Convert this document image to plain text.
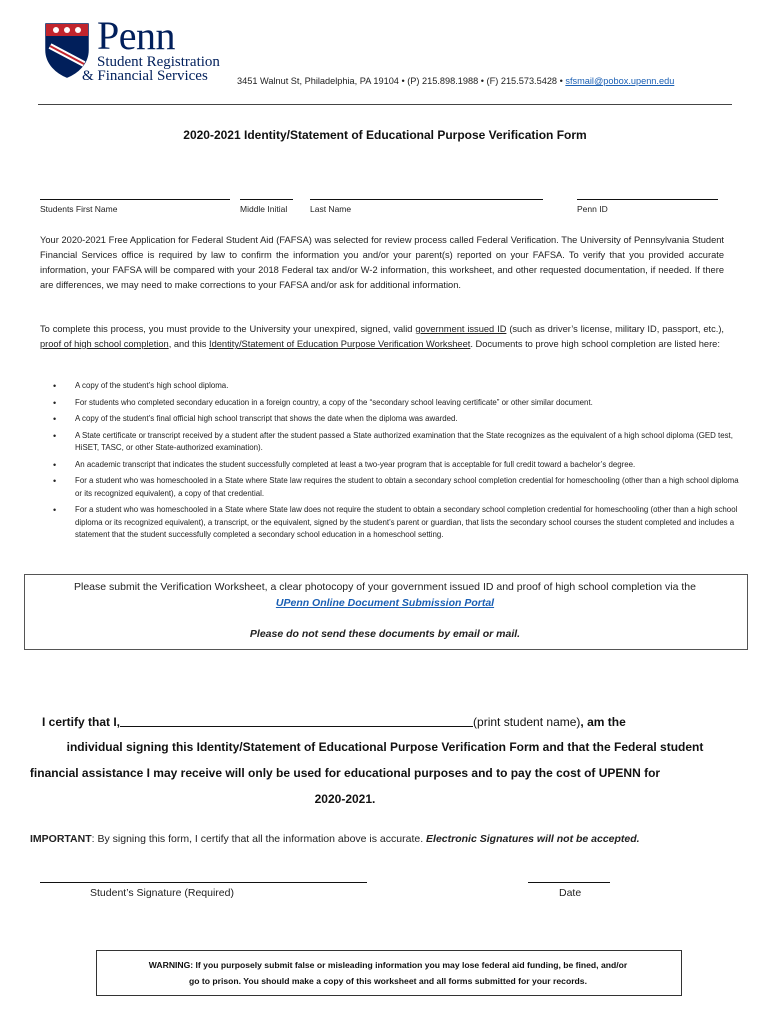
Penn
Student Registration
& Financial Services	3451 Walnut St, Philadelphia, PA 19104 • (P) 215.898.1988 • (F) 215.573.5428 • sfsmail@pobox.upenn.edu
2020-2021 Identity/Statement of Educational Purpose Verification Form
Students First Name	Middle Initial	Last Name	Penn ID
Your 2020-2021 Free Application for Federal Student Aid (FAFSA) was selected for review process called Federal Verification. The University of Pennsylvania Student Financial Services office is required by law to confirm the information you and/or your parent(s) reported on your FAFSA. To verify that you provided accurate information, your FAFSA will be compared with your 2018 Federal tax and/or W-2 information, this worksheet, and other requested documentation, if needed. If there are differences, we may need to make corrections to your FAFSA and/or ask for additional information.
To complete this process, you must provide to the University your unexpired, signed, valid government issued ID (such as driver’s license, military ID, passport, etc.), proof of high school completion, and this Identity/Statement of Education Purpose Verification Worksheet. Documents to prove high school completion are listed here:
• A copy of the student’s high school diploma.
• For students who completed secondary education in a foreign country, a copy of the “secondary school leaving certificate” or other similar document.
• A copy of the student’s final official high school transcript that shows the date when the diploma was awarded.
• A State certificate or transcript received by a student after the student passed a State authorized examination that the State recognizes as the equivalent of a high school diploma (GED test, HiSET, TASC, or other State-authorized examination).
• An academic transcript that indicates the student successfully completed at least a two-year program that is acceptable for full credit toward a bachelor’s degree.
• For a student who was homeschooled in a State where State law requires the student to obtain a secondary school completion credential for homeschooling (other than a high school diploma or its recognized equivalent), a copy of that credential.
• For a student who was homeschooled in a State where State law does not require the student to obtain a secondary school completion credential for homeschooling (other than a high school diploma or its recognized equivalent), a transcript, or the equivalent, signed by the student’s parent or guardian, that lists the secondary school courses the student completed and includes a statement that the student successfully completed a secondary school education in a homeschool setting.
Please submit the Verification Worksheet, a clear photocopy of your government issued ID and proof of high school completion via the
UPenn Online Document Submission Portal
Please do not send these documents by email or mail.
I certify that I,	(print student name), am the
individual signing this Identity/Statement of Educational Purpose Verification Form and that the Federal student
financial assistance I may receive will only be used for educational purposes and to pay the cost of UPENN for
2020-2021.
IMPORTANT: By signing this form, I certify that all the information above is accurate. Electronic Signatures will not be accepted.
Student’s Signature (Required)	Date
WARNING: If you purposely submit false or misleading information you may lose federal aid funding, be fined, and/or
go to prison. You should make a copy of this worksheet and all forms submitted for your records.
